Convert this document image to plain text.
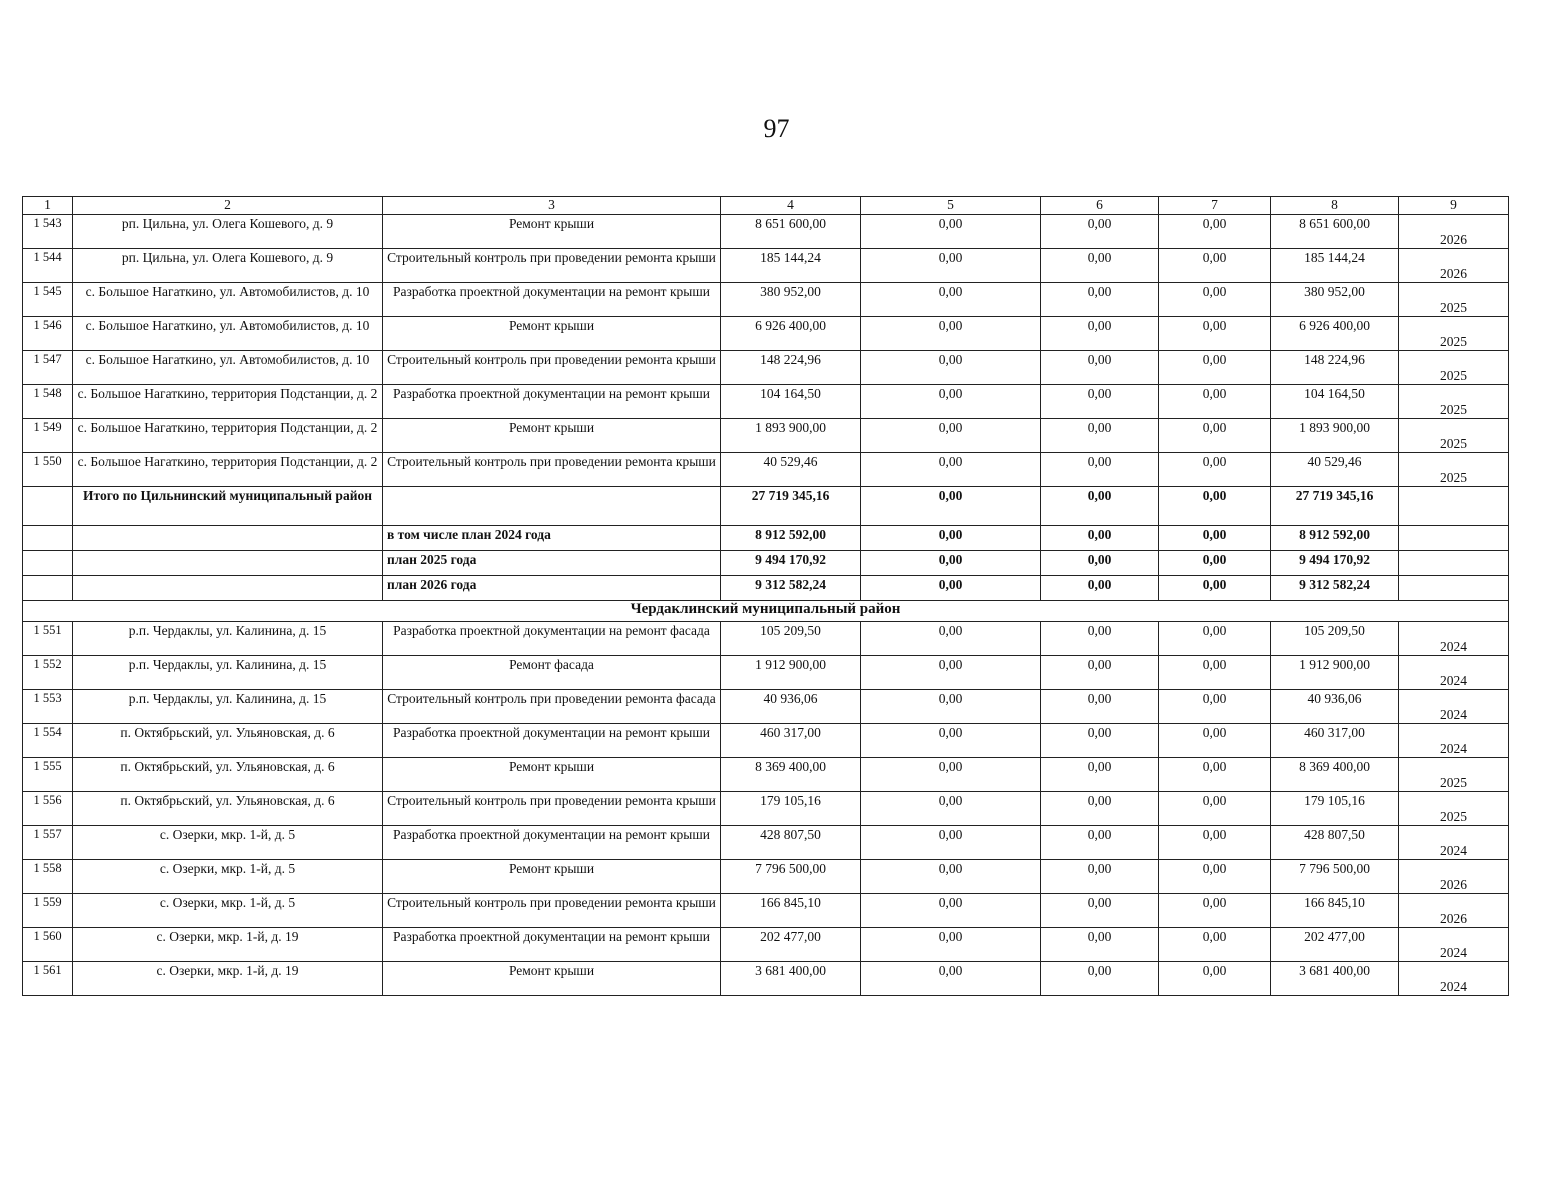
97
1	2	3	4	5	6	7	8	9
1 543	рп. Цильна, ул. Олега Кошевого, д. 9	Ремонт крыши	8 651 600,00	0,00	0,00	0,00	8 651 600,00	2026
1 544	рп. Цильна, ул. Олега Кошевого, д. 9	Строительный контроль при проведении ремонта крыши	185 144,24	0,00	0,00	0,00	185 144,24	2026
1 545	с. Большое Нагаткино, ул. Автомобилистов, д. 10	Разработка проектной документации на ремонт крыши	380 952,00	0,00	0,00	0,00	380 952,00	2025
1 546	с. Большое Нагаткино, ул. Автомобилистов, д. 10	Ремонт крыши	6 926 400,00	0,00	0,00	0,00	6 926 400,00	2025
1 547	с. Большое Нагаткино, ул. Автомобилистов, д. 10	Строительный контроль при проведении ремонта крыши	148 224,96	0,00	0,00	0,00	148 224,96	2025
1 548	с. Большое Нагаткино, территория Подстанции, д. 2	Разработка проектной документации на ремонт крыши	104 164,50	0,00	0,00	0,00	104 164,50	2025
1 549	с. Большое Нагаткино, территория Подстанции, д. 2	Ремонт крыши	1 893 900,00	0,00	0,00	0,00	1 893 900,00	2025
1 550	с. Большое Нагаткино, территория Подстанции, д. 2	Строительный контроль при проведении ремонта крыши	40 529,46	0,00	0,00	0,00	40 529,46	2025
	Итого по Цильнинский муниципальный район		27 719 345,16	0,00	0,00	0,00	27 719 345,16	
		в том числе план 2024 года	8 912 592,00	0,00	0,00	0,00	8 912 592,00	
		план 2025 года	9 494 170,92	0,00	0,00	0,00	9 494 170,92	
		план 2026 года	9 312 582,24	0,00	0,00	0,00	9 312 582,24	
Чердаклинский муниципальный район								
1 551	р.п. Чердаклы, ул. Калинина, д. 15	Разработка проектной документации на ремонт фасада	105 209,50	0,00	0,00	0,00	105 209,50	2024
1 552	р.п. Чердаклы, ул. Калинина, д. 15	Ремонт фасада	1 912 900,00	0,00	0,00	0,00	1 912 900,00	2024
1 553	р.п. Чердаклы, ул. Калинина, д. 15	Строительный контроль при проведении ремонта фасада	40 936,06	0,00	0,00	0,00	40 936,06	2024
1 554	п. Октябрьский, ул. Ульяновская, д. 6	Разработка проектной документации на ремонт крыши	460 317,00	0,00	0,00	0,00	460 317,00	2024
1 555	п. Октябрьский, ул. Ульяновская, д. 6	Ремонт крыши	8 369 400,00	0,00	0,00	0,00	8 369 400,00	2025
1 556	п. Октябрьский, ул. Ульяновская, д. 6	Строительный контроль при проведении ремонта крыши	179 105,16	0,00	0,00	0,00	179 105,16	2025
1 557	с. Озерки, мкр. 1-й, д. 5	Разработка проектной документации на ремонт крыши	428 807,50	0,00	0,00	0,00	428 807,50	2024
1 558	с. Озерки, мкр. 1-й, д. 5	Ремонт крыши	7 796 500,00	0,00	0,00	0,00	7 796 500,00	2026
1 559	с. Озерки, мкр. 1-й, д. 5	Строительный контроль при проведении ремонта крыши	166 845,10	0,00	0,00	0,00	166 845,10	2026
1 560	с. Озерки, мкр. 1-й, д. 19	Разработка проектной документации на ремонт крыши	202 477,00	0,00	0,00	0,00	202 477,00	2024
1 561	с. Озерки, мкр. 1-й, д. 19	Ремонт крыши	3 681 400,00	0,00	0,00	0,00	3 681 400,00	2024
